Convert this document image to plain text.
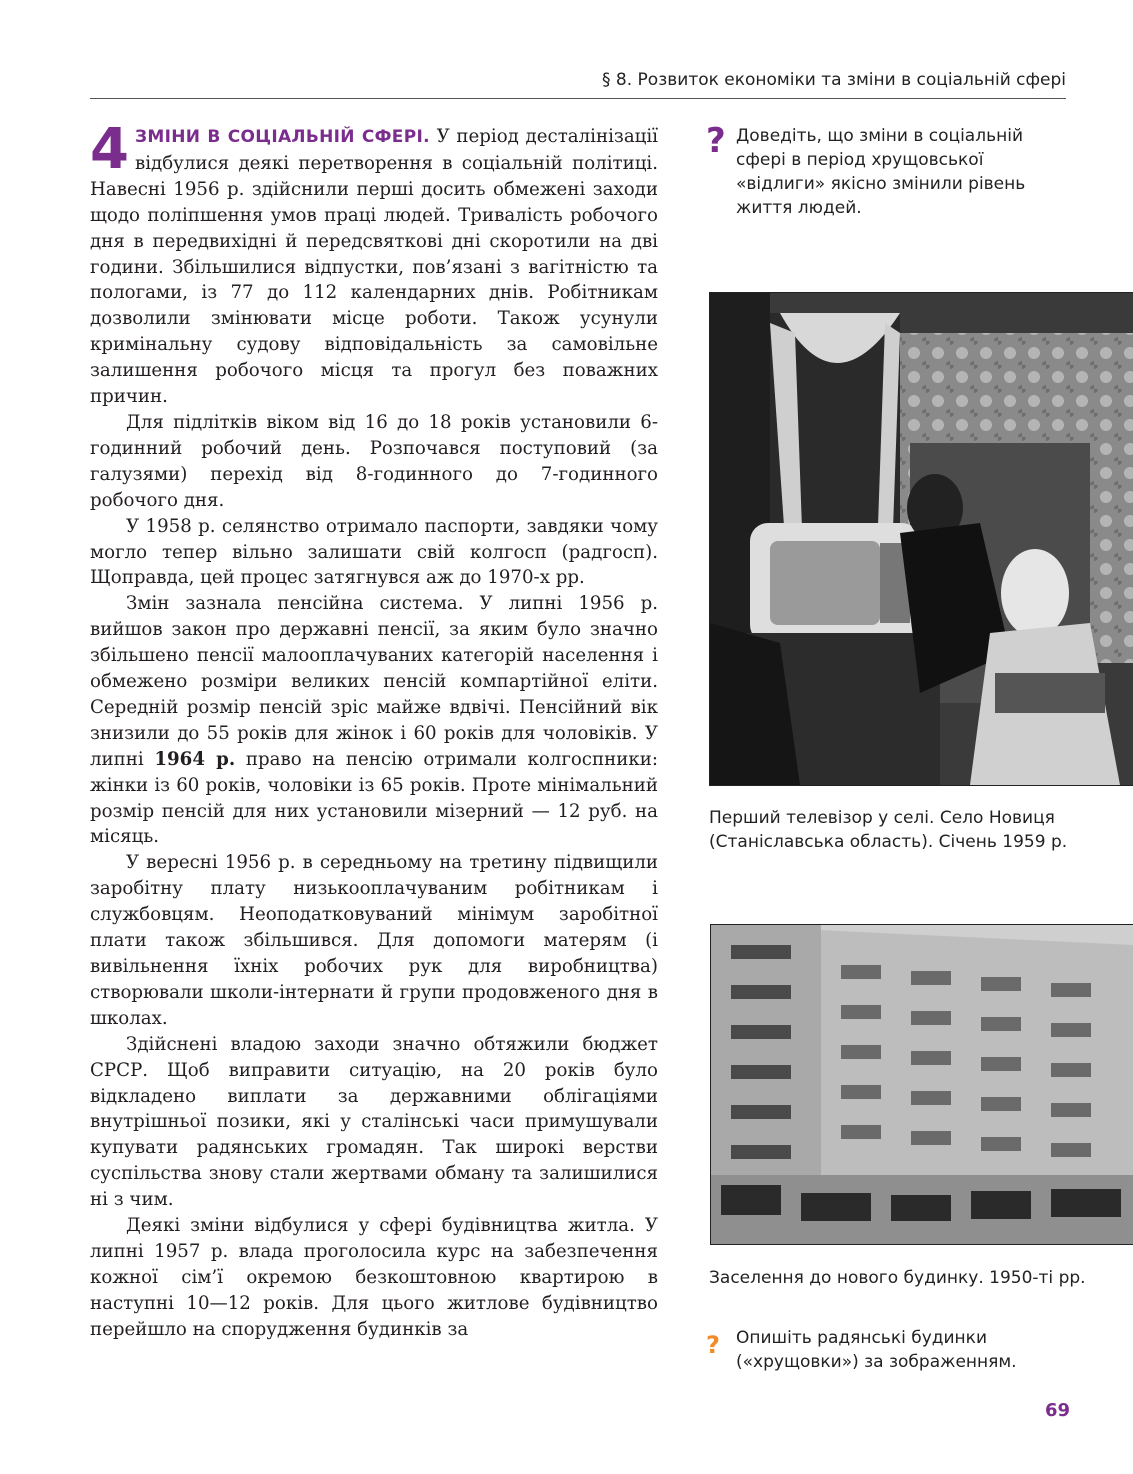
§ 8. Розвиток економіки та зміни в соціальній сфері

4 ЗМІНИ В СОЦІАЛЬНІЙ СФЕРІ. У період десталінізації відбулися деякі перетворення в соціальній політиці. Навесні 1956 р. здійснили перші досить обмежені заходи щодо поліпшення умов праці людей. Тривалість робочого дня в передвихідні й передсвяткові дні скоротили на дві години. Збільшилися відпустки, пов’язані з вагітністю та пологами, із 77 до 112 календарних днів. Робітникам дозволили змінювати місце роботи. Також усунули кримінальну судову відповідальність за самовільне залишення робочого місця та прогул без поважних причин.

Для підлітків віком від 16 до 18 років установили 6-годинний робочий день. Розпочався поступовий (за галузями) перехід від 8-годинного до 7-годинного робочого дня.

У 1958 р. селянство отримало паспорти, завдяки чому могло тепер вільно залишати свій колгосп (радгосп). Щоправда, цей процес затягнувся аж до 1970-х рр.

Змін зазнала пенсійна система. У липні 1956 р. вийшов закон про державні пенсії, за яким було значно збільшено пенсії малооплачуваних категорій населення і обмежено розміри великих пенсій компартійної еліти. Середній розмір пенсій зріс майже вдвічі. Пенсійний вік знизили до 55 років для жінок і 60 років для чоловіків. У липні 1964 р. право на пенсію отримали колгоспники: жінки із 60 років, чоловіки із 65 років. Проте мінімальний розмір пенсій для них установили мізерний — 12 руб. на місяць.

У вересні 1956 р. в середньому на третину підвищили заробітну плату низькооплачуваним робітникам і службовцям. Неоподатковуваний мінімум заробітної плати також збільшився. Для допомоги матерям (і вивільнення їхніх робочих рук для виробництва) створювали школи-інтернати й групи продовженого дня в школах.

Здійснені владою заходи значно обтяжили бюджет СРСР. Щоб виправити ситуацію, на 20 років було відкладено виплати за державними облігаціями внутрішньої позики, які у сталінські часи примушували купувати радянських громадян. Так широкі верстви суспільства знову стали жертвами обману та залишилися ні з чим.

Деякі зміни відбулися у сфері будівництва житла. У липні 1957 р. влада проголосила курс на забезпечення кожної сім’ї окремою безкоштовною квартирою в наступні 10—12 років. Для цього житлове будівництво перейшло на спорудження будинків за

? Доведіть, що зміни в соціальній сфері в період хрущовської «відлиги» якісно змінили рівень життя людей.
Перший телевізор у селі. Село Новиця (Станіславська область). Січень 1959 р.
Заселення до нового будинку. 1950-ті рр.
? Опишіть радянські будинки («хрущовки») за зображенням.
69
